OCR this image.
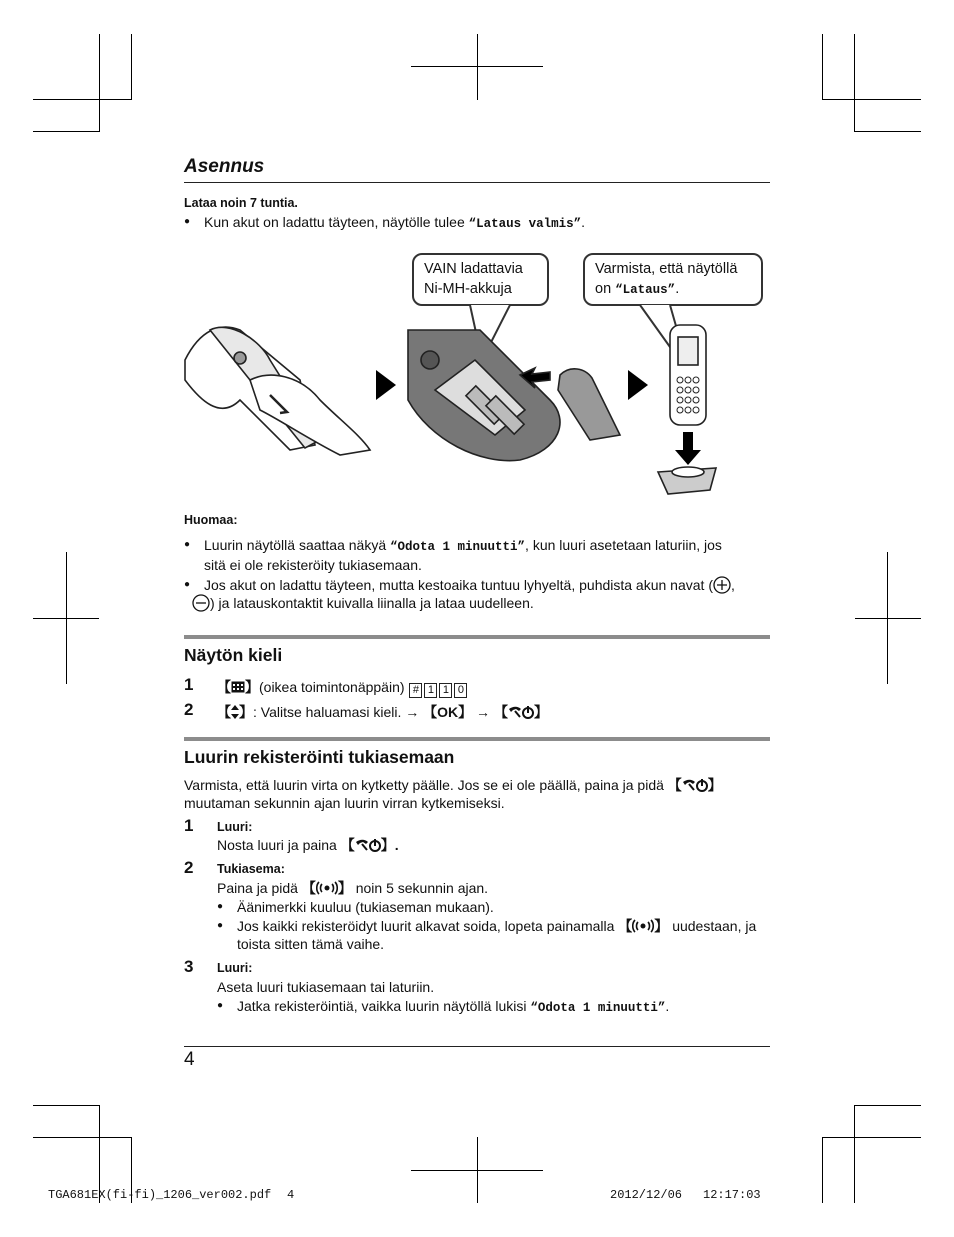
Asennus
Lataa noin 7 tuntia.
● Kun akut on ladattu täyteen, näytölle tulee “Lataus valmis”.
VAIN ladattavia
Ni-MH-akkuja
Varmista, että näytöllä
on “Lataus”.
Huomaa:
● Luurin näytöllä saattaa näkyä “Odota 1 minuutti”, kun luuri asetetaan laturiin, jos
sitä ei ole rekisteröity tukiasemaan.
● Jos akut on ladattu täyteen, mutta kestoaika tuntuu lyhyeltä, puhdista akun navat ( ,
) ja latauskontaktit kuivalla liinalla ja lataa uudelleen.
Näytön kieli
1 【 】(oikea toimintonäppäin) # 1 1 0
2 【 】: Valitse haluamasi kieli. → 【OK】 → 【 】
Luurin rekisteröinti tukiasemaan
Varmista, että luurin virta on kytketty päälle. Jos se ei ole päällä, paina ja pidä 【 】
muutaman sekunnin ajan luurin virran kytkemiseksi.
1 Luuri:
Nosta luuri ja paina 【 】.
2 Tukiasema:
Paina ja pidä 【 】 noin 5 sekunnin ajan.
● Äänimerkki kuuluu (tukiaseman mukaan).
● Jos kaikki rekisteröidyt luurit alkavat soida, lopeta painamalla 【 】 uudestaan, ja
toista sitten tämä vaihe.
3 Luuri:
Aseta luuri tukiasemaan tai laturiin.
● Jatka rekisteröintiä, vaikka luurin näytöllä lukisi “Odota 1 minuutti”.
4
TGA681EX(fi-fi)_1206_ver002.pdf 4	2012/12/06 12:17:03
